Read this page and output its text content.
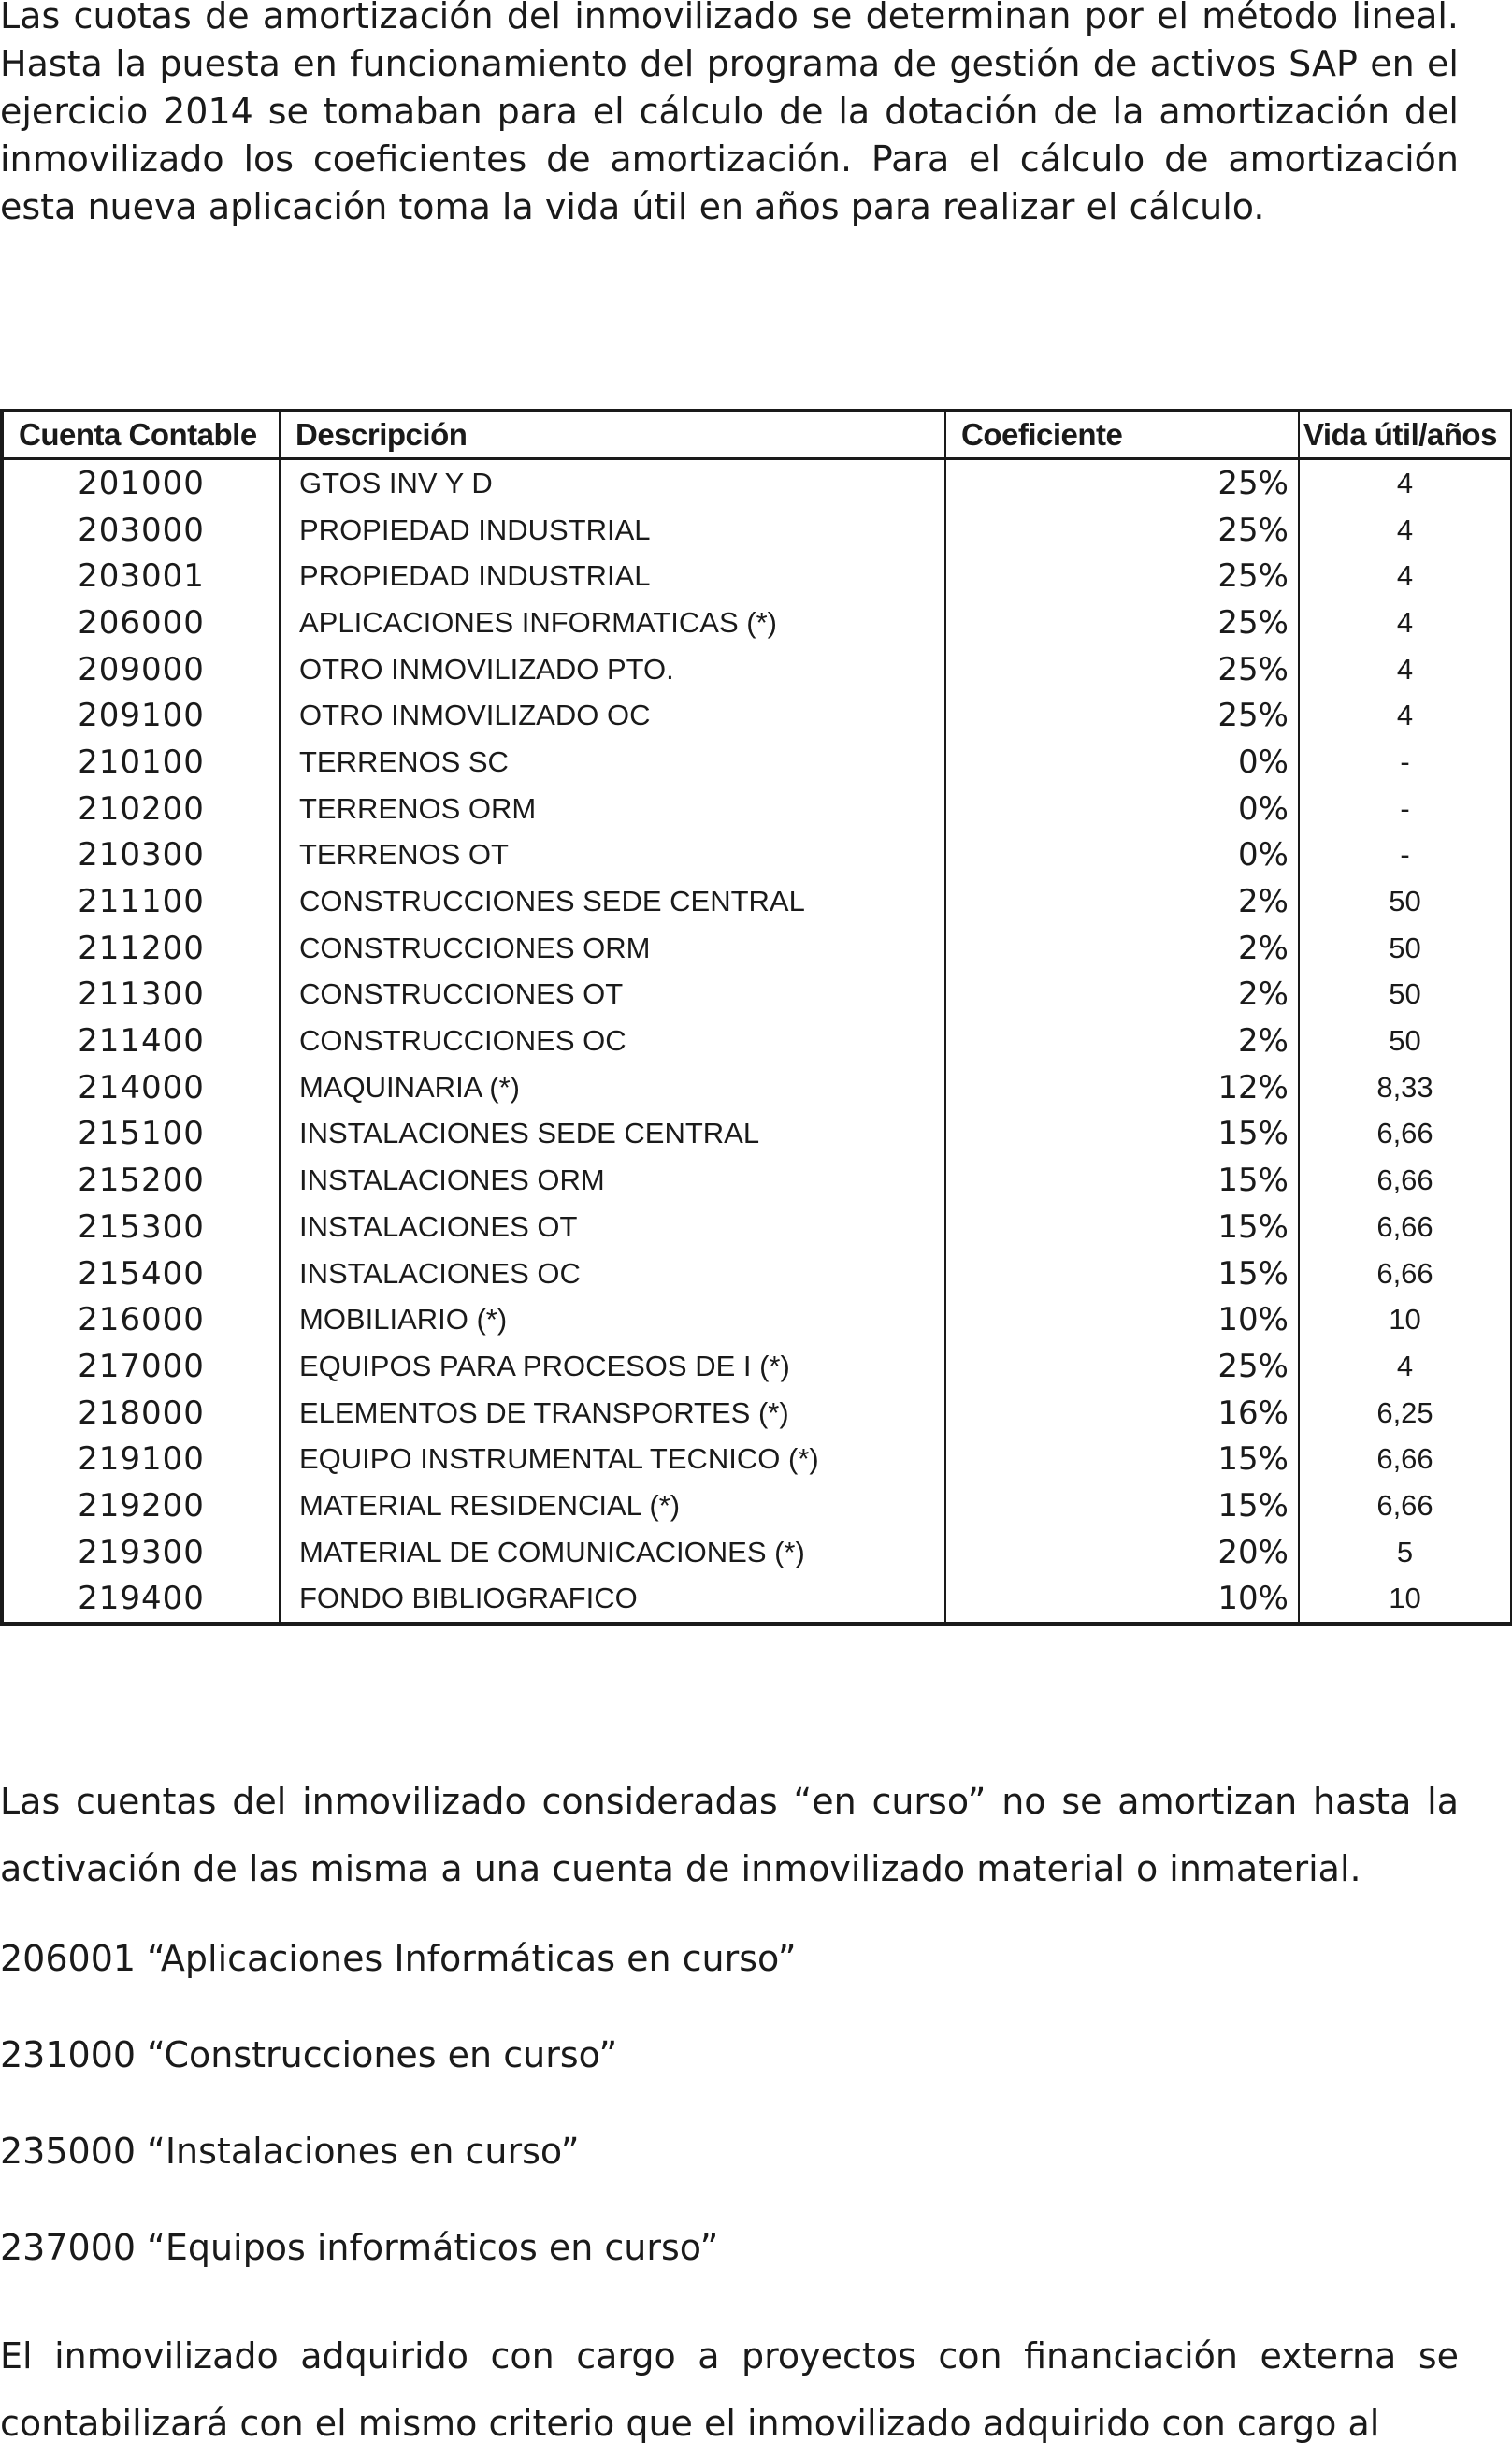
Las cuotas de amortización del inmovilizado se determinan por el método lineal. Hasta la puesta en funcionamiento del programa de gestión de activos SAP en el ejercicio 2014 se tomaban para el cálculo de la dotación de la amortización del inmovilizado los coeficientes de amortización. Para el cálculo de amortización esta nueva aplicación toma la vida útil en años para realizar el cálculo.

Cuenta Contable	Descripción	Coeficiente	Vida útil/años
201000	GTOS INV Y D	25%	4
203000	PROPIEDAD INDUSTRIAL	25%	4
203001	PROPIEDAD INDUSTRIAL	25%	4
206000	APLICACIONES INFORMATICAS (*)	25%	4
209000	OTRO INMOVILIZADO PTO.	25%	4
209100	OTRO INMOVILIZADO OC	25%	4
210100	TERRENOS SC	0%	-
210200	TERRENOS ORM	0%	-
210300	TERRENOS OT	0%	-
211100	CONSTRUCCIONES SEDE CENTRAL	2%	50
211200	CONSTRUCCIONES ORM	2%	50
211300	CONSTRUCCIONES OT	2%	50
211400	CONSTRUCCIONES OC	2%	50
214000	MAQUINARIA (*)	12%	8,33
215100	INSTALACIONES SEDE CENTRAL	15%	6,66
215200	INSTALACIONES ORM	15%	6,66
215300	INSTALACIONES OT	15%	6,66
215400	INSTALACIONES OC	15%	6,66
216000	MOBILIARIO (*)	10%	10
217000	EQUIPOS PARA PROCESOS DE I (*)	25%	4
218000	ELEMENTOS DE TRANSPORTES (*)	16%	6,25
219100	EQUIPO INSTRUMENTAL TECNICO (*)	15%	6,66
219200	MATERIAL RESIDENCIAL (*)	15%	6,66
219300	MATERIAL DE COMUNICACIONES (*)	20%	5
219400	FONDO BIBLIOGRAFICO	10%	10

Las cuentas del inmovilizado consideradas “en curso” no se amortizan hasta la activación de las misma a una cuenta de inmovilizado material o inmaterial.

206001 “Aplicaciones Informáticas en curso”

231000 “Construcciones en curso”

235000 “Instalaciones en curso”

237000 “Equipos informáticos en curso”

El inmovilizado adquirido con cargo a proyectos con financiación externa se contabilizará con el mismo criterio que el inmovilizado adquirido con cargo al
